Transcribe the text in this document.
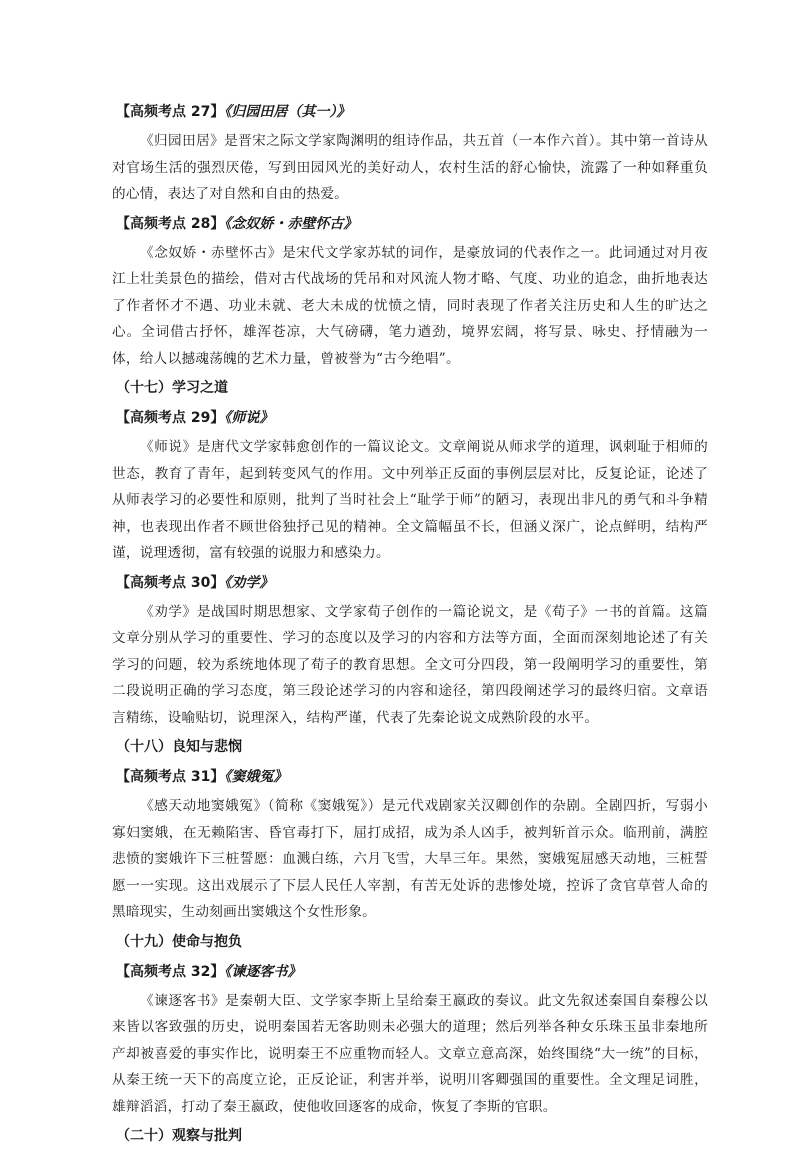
【高频考点 27】《归园田居（其一）》

《归园田居》是晋宋之际文学家陶渊明的组诗作品，共五首（一本作六首）。其中第一首诗从对官场生活的强烈厌倦，写到田园风光的美好动人，农村生活的舒心愉快，流露了一种如释重负的心情，表达了对自然和自由的热爱。

【高频考点 28】《念奴娇・赤壁怀古》

《念奴娇・赤壁怀古》是宋代文学家苏轼的词作，是豪放词的代表作之一。此词通过对月夜江上壮美景色的描绘，借对古代战场的凭吊和对风流人物才略、气度、功业的追念，曲折地表达了作者怀才不遇、功业未就、老大未成的忧愤之情，同时表现了作者关注历史和人生的旷达之心。全词借古抒怀，雄浑苍凉，大气磅礴，笔力遒劲，境界宏阔，将写景、咏史、抒情融为一体，给人以撼魂荡魄的艺术力量，曾被誉为“古今绝唱”。

（十七）学习之道
【高频考点 29】《师说》

《师说》是唐代文学家韩愈创作的一篇议论文。文章阐说从师求学的道理，讽刺耻于相师的世态，教育了青年，起到转变风气的作用。文中列举正反面的事例层层对比，反复论证，论述了从师表学习的必要性和原则，批判了当时社会上“耻学于师”的陋习，表现出非凡的勇气和斗争精神，也表现出作者不顾世俗独抒己见的精神。全文篇幅虽不长，但涵义深广，论点鲜明，结构严谨，说理透彻，富有较强的说服力和感染力。

【高频考点 30】《劝学》

《劝学》是战国时期思想家、文学家荀子创作的一篇论说文，是《荀子》一书的首篇。这篇文章分别从学习的重要性、学习的态度以及学习的内容和方法等方面，全面而深刻地论述了有关学习的问题，较为系统地体现了荀子的教育思想。全文可分四段，第一段阐明学习的重要性，第二段说明正确的学习态度，第三段论述学习的内容和途径，第四段阐述学习的最终归宿。文章语言精练，设喻贴切，说理深入，结构严谨，代表了先秦论说文成熟阶段的水平。

（十八）良知与悲悯
【高频考点 31】《窦娥冤》

《感天动地窦娥冤》（简称《窦娥冤》）是元代戏剧家关汉卿创作的杂剧。全剧四折，写弱小寡妇窦娥，在无赖陷害、昏官毒打下，屈打成招，成为杀人凶手，被判斩首示众。临刑前，满腔悲愤的窦娥许下三桩誓愿：血溅白练，六月飞雪，大旱三年。果然，窦娥冤屈感天动地，三桩誓愿一一实现。这出戏展示了下层人民任人宰割，有苦无处诉的悲惨处境，控诉了贪官草菅人命的黑暗现实，生动刻画出窦娥这个女性形象。

（十九）使命与抱负
【高频考点 32】《谏逐客书》

《谏逐客书》是秦朝大臣、文学家李斯上呈给秦王嬴政的奏议。此文先叙述秦国自秦穆公以来皆以客致强的历史，说明秦国若无客助则未必强大的道理；然后列举各种女乐珠玉虽非秦地所产却被喜爱的事实作比，说明秦王不应重物而轻人。文章立意高深，始终围绕“大一统”的目标，从秦王统一天下的高度立论，正反论证，利害并举，说明川客卿强国的重要性。全文理足词胜，雄辩滔滔，打动了秦王嬴政，使他收回逐客的成命，恢复了李斯的官职。

（二十）观察与批判
